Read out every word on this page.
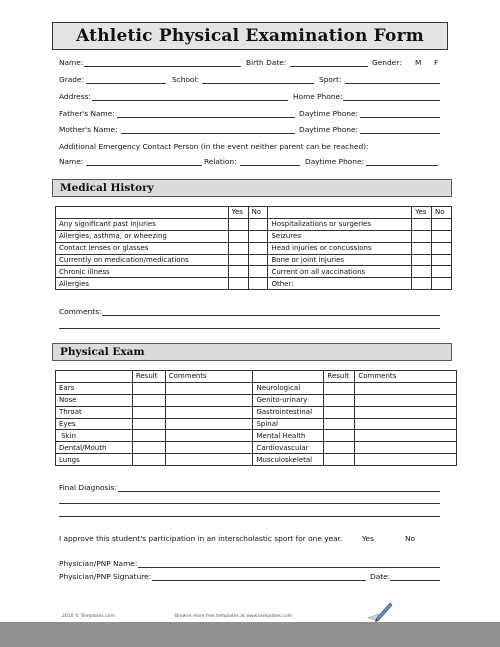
Athletic Physical Examination Form
Name:	Birth Date:	Gender: M F
Grade:	School:	Sport:
Address:	Home Phone:
Father's Name:	Daytime Phone:
Mother's Name:	Daytime Phone:
Additional Emergency Contact Person (in the event neither parent can be reached):
Name:	Relation:	Daytime Phone:
Medical History
	Yes	No		Yes	No
Any significant past injuries			Hospitalizations or surgeries		
Allergies, asthma, or wheezing			Seizures		
Contact lenses or glasses			Head injuries or concussions		
Currently on medication/medications			Bone or joint injuries		
Chronic illness			Current on all vaccinations		
Allergies			Other:		
Comments:
Physical Exam
	Result	Comments		Result	Comments
Ears			Neurological		
Nose			Genito-urinary		
Throat			Gastrointestinal		
Eyes			Spinal		
Skin			Mental Health		
Dental/Mouth			Cardiovascular		
Lungs			Musculoskeletal		
Final Diagnosis:
I approve this student's participation in an interscholastic sport for one year.	Yes	No
Physician/PNP Name:
Physician/PNP Signature:	Date:
2010 © Templates.com	Browse more free templates at www.templates.com
